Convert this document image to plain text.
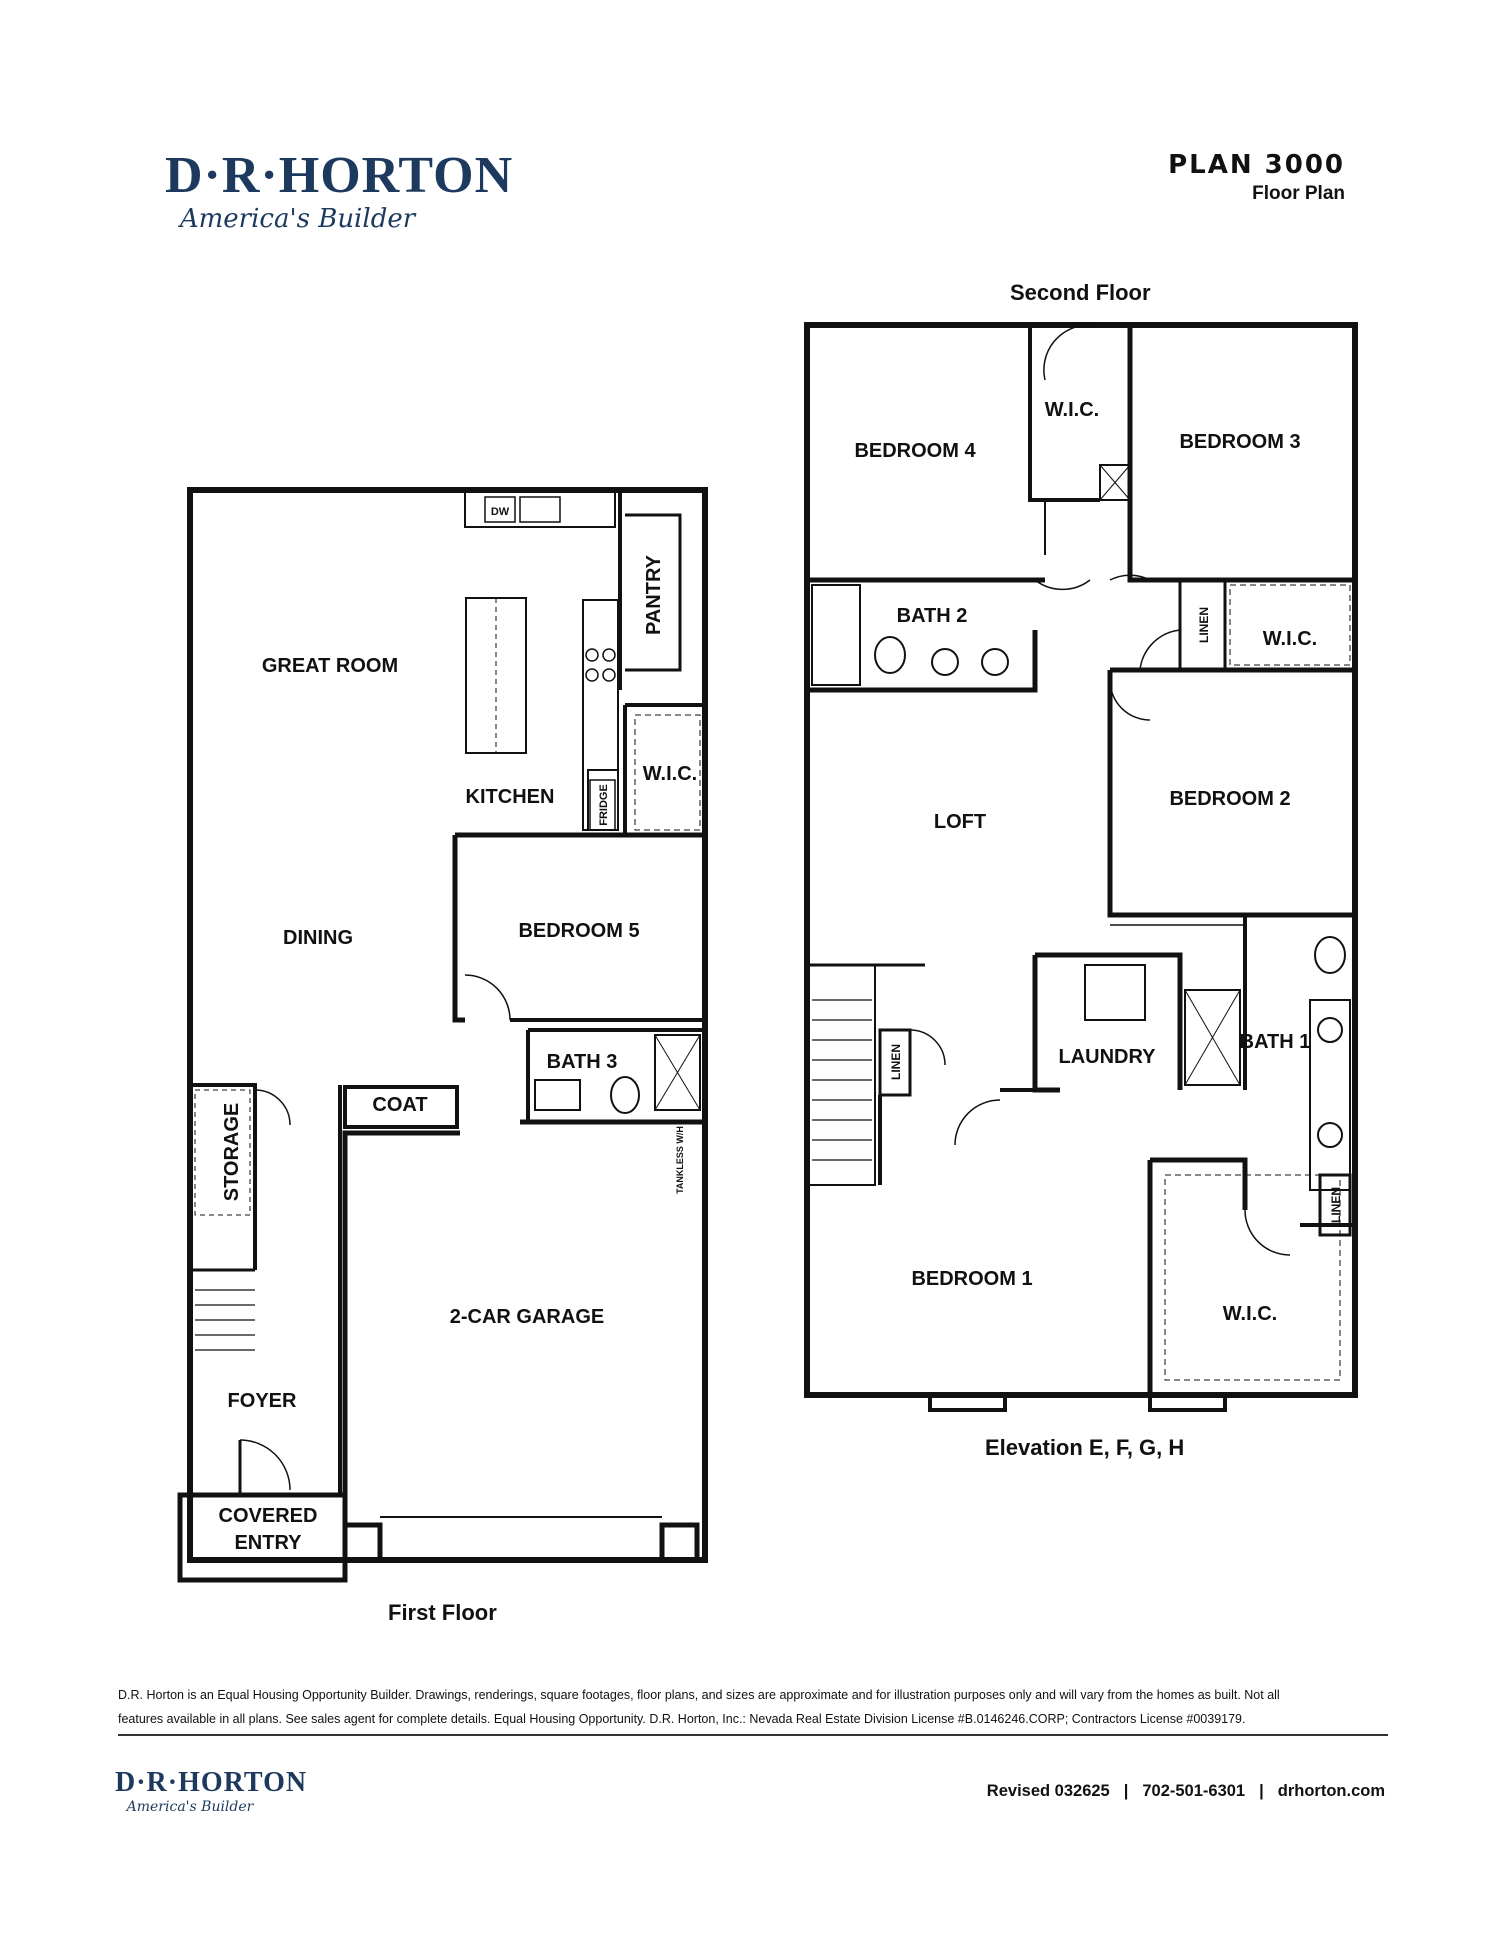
D·R·HORTON
America's Builder
PLAN 3000
Floor Plan
GREAT ROOM
KITCHEN
PANTRY
W.I.C.
FRIDGE
DW
DINING	BEDROOM 5
BATH 3
COAT
STORAGE	TANKLESS W/H
2-CAR GARAGE
FOYER
COVERED
ENTRY
BEDROOM 4
W.I.C.
BEDROOM 3
BATH 2	LINEN	W.I.C.
LOFT
BEDROOM 2
LINEN	LAUNDRY
BATH 1
LINEN
BEDROOM 1
W.I.C.
Second Floor
Elevation E, F, G, H
First Floor
D.R. Horton is an Equal Housing Opportunity Builder. Drawings, renderings, square footages, floor plans, and sizes are approximate and for illustration purposes only and will vary from the homes as built. Not all
features available in all plans. See sales agent for complete details. Equal Housing Opportunity. D.R. Horton, Inc.: Nevada Real Estate Division License #B.0146246.CORP; Contractors License #0039179.
D·R·HORTON
America's Builder
Revised 032625 | 702-501-6301 | drhorton.com
